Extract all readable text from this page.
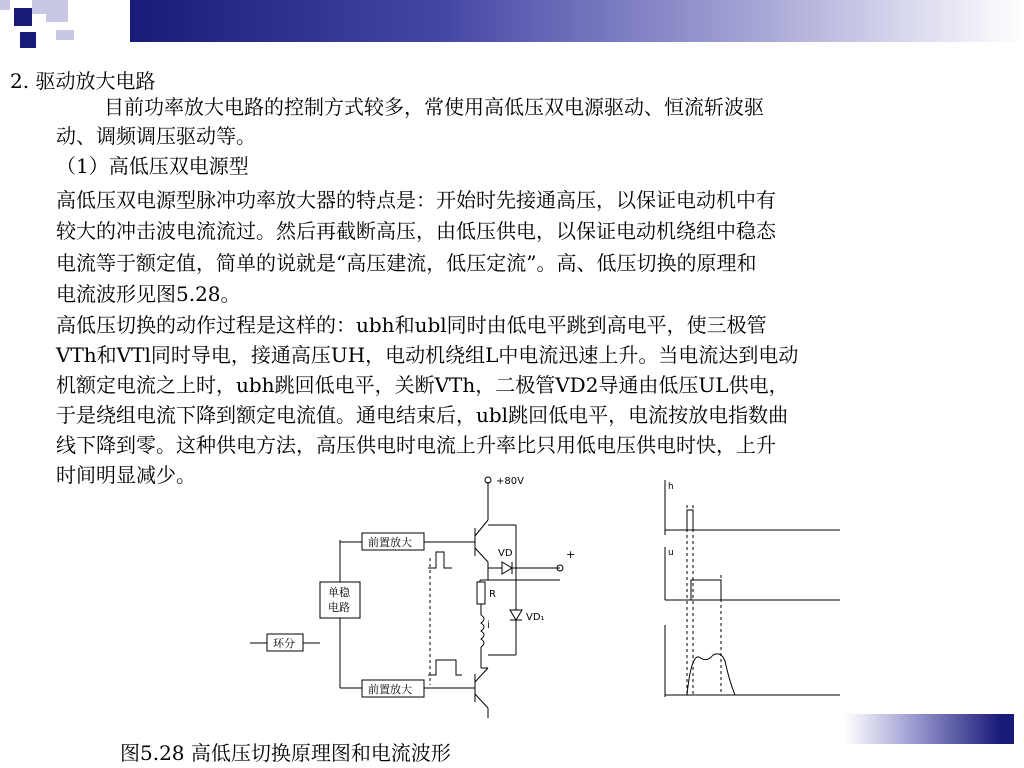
2. 驱动放大电路
目前功率放大电路的控制方式较多，常使用高低压双电源驱动、恒流斩波驱
动、调频调压驱动等。
（1）高低压双电源型
高低压双电源型脉冲功率放大器的特点是：开始时先接通高压，以保证电动机中有
较大的冲击波电流流过。然后再截断高压，由低压供电，以保证电动机绕组中稳态
电流等于额定值，简单的说就是“高压建流，低压定流”。高、低压切换的原理和
电流波形见图5.28。
高低压切换的动作过程是这样的：ubh和ubl同时由低电平跳到高电平，使三极管
VTh和VTl同时导电，接通高压UH，电动机绕组L中电流迅速上升。当电流达到电动
机额定电流之上时，ubh跳回低电平，关断VTh，二极管VD2导通由低压UL供电，
于是绕组电流下降到额定电流值。通电结束后，ubl跳回低电平，电流按放电指数曲
线下降到零。这种供电方法，高压供电时电流上升率比只用低电压供电时快，上升
时间明显减少。	+80V
前置放大
前置放大
单稳
电路
环分
VD
VD₁
R
i
+
h
u
图5.28 高低压切换原理图和电流波形
